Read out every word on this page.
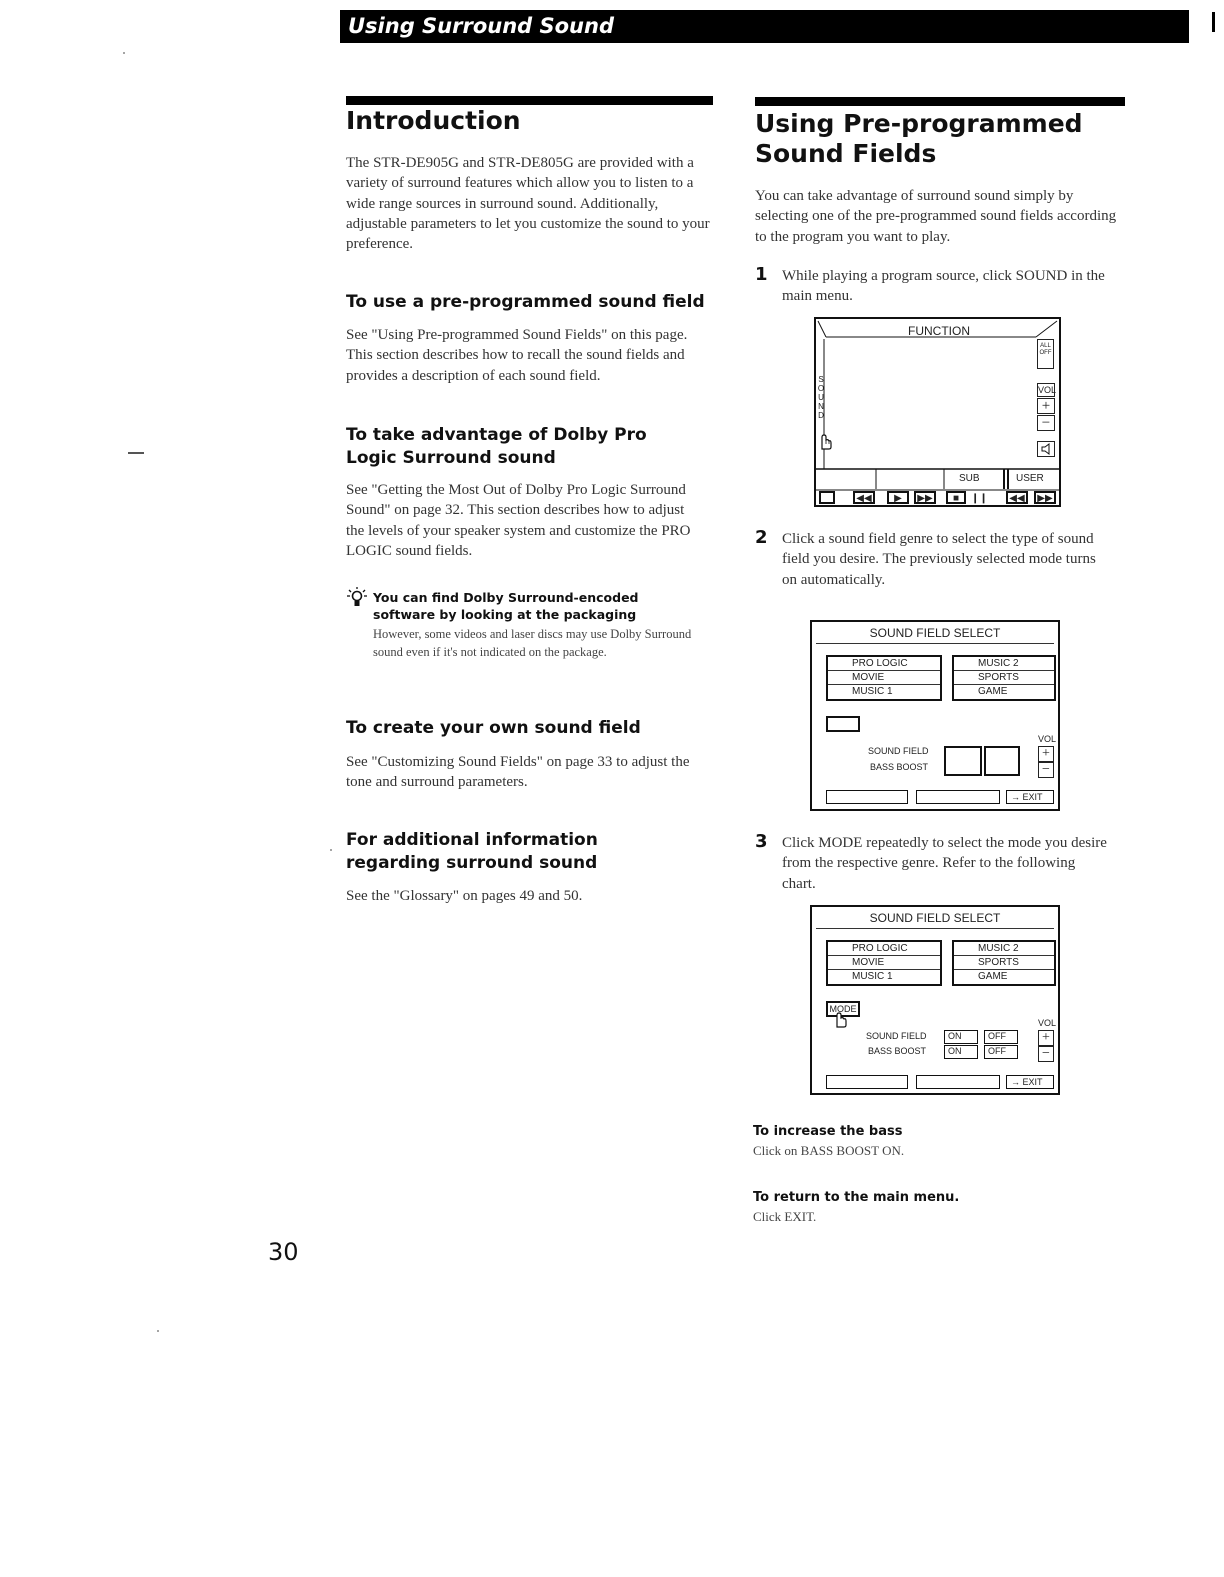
Using Surround Sound
Introduction

The STR-DE905G and STR-DE805G are provided with a variety of surround features which allow you to listen to a wide range sources in surround sound. Additionally, adjustable parameters to let you customize the sound to your preference.

To use a pre-programmed sound field

See "Using Pre-programmed Sound Fields" on this page. This section describes how to recall the sound fields and provides a description of each sound field.

To take advantage of Dolby Pro Logic Surround sound

See "Getting the Most Out of Dolby Pro Logic Surround Sound" on page 32. This section describes how to adjust the levels of your speaker system and customize the PRO LOGIC sound fields.

You can find Dolby Surround-encoded software by looking at the packaging
However, some videos and laser discs may use Dolby Surround sound even if it's not indicated on the package.
To create your own sound field

See "Customizing Sound Fields" on page 33 to adjust the tone and surround parameters.

For additional information regarding surround sound

See the "Glossary" on pages 49 and 50.

30
Using Pre-programmed Sound Fields

You can take advantage of surround sound simply by selecting one of the pre-programmed sound fields according to the program you want to play.

1 While playing a program source, click SOUND in the main menu.
FUNCTION
ALL OFF
VOL
+
−
S
O
U
N
D
SUB	USER
◀◀	▶	▶▶	■	❙❙	◀◀	▶▶
2 Click a sound field genre to select the type of sound field you desire. The previously selected mode turns on automatically.
SOUND FIELD SELECT
PRO LOGIC
MOVIE
MUSIC 1
MUSIC 2
SPORTS
GAME
SOUND FIELD
BASS BOOST
VOL
+
−
→ EXIT
3 Click MODE repeatedly to select the mode you desire from the respective genre. Refer to the following chart.
SOUND FIELD SELECT
PRO LOGIC
MOVIE
MUSIC 1
MUSIC 2
SPORTS
GAME
MODE
SOUND FIELD
BASS BOOST
ON
ON
OFF
OFF
VOL
+
−
→ EXIT
To increase the bass
Click on BASS BOOST ON.
To return to the main menu.
Click EXIT.
